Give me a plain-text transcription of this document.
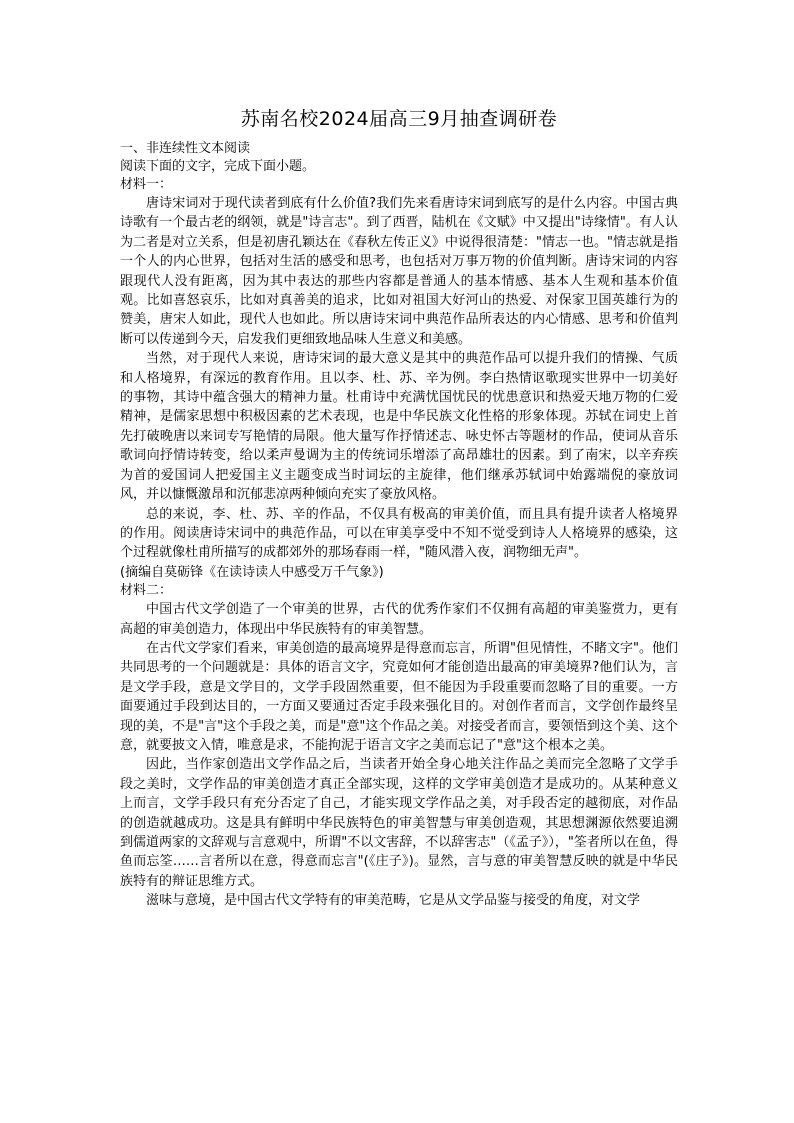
苏南名校2024届高三9月抽查调研卷

一、非连续性文本阅读

阅读下面的文字，完成下面小题。

材料一：

唐诗宋词对于现代读者到底有什么价值?我们先来看唐诗宋词到底写的是什么内容。中国古典诗歌有一个最古老的纲领，就是"诗言志"。到了西晋，陆机在《文赋》中又提出"诗缘情"。有人认为二者是对立关系，但是初唐孔颖达在《春秋左传正义》中说得很清楚："情志一也。"情志就是指一个人的内心世界，包括对生活的感受和思考，也包括对万事万物的价值判断。唐诗宋词的内容跟现代人没有距离，因为其中表达的那些内容都是普通人的基本情感、基本人生观和基本价值观。比如喜怒哀乐，比如对真善美的追求，比如对祖国大好河山的热爱、对保家卫国英雄行为的赞美，唐宋人如此，现代人也如此。所以唐诗宋词中典范作品所表达的内心情感、思考和价值判断可以传递到今天，启发我们更细致地品味人生意义和美感。

当然，对于现代人来说，唐诗宋词的最大意义是其中的典范作品可以提升我们的情操、气质和人格境界，有深远的教育作用。且以李、杜、苏、辛为例。李白热情讴歌现实世界中一切美好的事物，其诗中蕴含强大的精神力量。杜甫诗中充满忧国忧民的忧患意识和热爱天地万物的仁爱精神，是儒家思想中积极因素的艺术表现，也是中华民族文化性格的形象体现。苏轼在词史上首先打破晚唐以来词专写艳情的局限。他大量写作抒情述志、咏史怀古等题材的作品，使词从音乐歌词向抒情诗转变，给以柔声曼调为主的传统词乐增添了高昂雄壮的因素。到了南宋，以辛弃疾为首的爱国词人把爱国主义主题变成当时词坛的主旋律，他们继承苏轼词中始露端倪的豪放词风，并以慷慨激昂和沉郁悲凉两种倾向充实了豪放风格。

总的来说，李、杜、苏、辛的作品，不仅具有极高的审美价值，而且具有提升读者人格境界的作用。阅读唐诗宋词中的典范作品，可以在审美享受中不知不觉受到诗人人格境界的感染，这个过程就像杜甫所描写的成都郊外的那场春雨一样，"随风潜入夜，润物细无声"。

(摘编自莫砺锋《在读诗读人中感受万千气象》)

材料二：

中国古代文学创造了一个审美的世界，古代的优秀作家们不仅拥有高超的审美鉴赏力，更有高超的审美创造力，体现出中华民族特有的审美智慧。

在古代文学家们看来，审美创造的最高境界是得意而忘言，所谓"但见情性，不睹文字"。他们共同思考的一个问题就是：具体的语言文字，究竟如何才能创造出最高的审美境界?他们认为，言是文学手段，意是文学目的，文学手段固然重要，但不能因为手段重要而忽略了目的重要。一方面要通过手段到达目的，一方面又要通过否定手段来强化目的。对创作者而言，文学创作最终呈现的美，不是"言"这个手段之美，而是"意"这个作品之美。对接受者而言，要领悟到这个美、这个意，就要披文入情，唯意是求，不能拘泥于语言文字之美而忘记了"意"这个根本之美。

因此，当作家创造出文学作品之后，当读者开始全身心地关注作品之美而完全忽略了文学手段之美时，文学作品的审美创造才真正全部实现，这样的文学审美创造才是成功的。从某种意义上而言，文学手段只有充分否定了自己，才能实现文学作品之美，对手段否定的越彻底，对作品的创造就越成功。这是具有鲜明中华民族特色的审美智慧与审美创造观，其思想渊源依然要追溯到儒道两家的文辞观与言意观中，所谓"不以文害辞，不以辞害志"（《孟子》），"筌者所以在鱼，得鱼而忘筌……言者所以在意，得意而忘言"(《庄子》)。显然，言与意的审美智慧反映的就是中华民族特有的辩证思维方式。

滋味与意境，是中国古代文学特有的审美范畴，它是从文学品鉴与接受的角度，对文学
